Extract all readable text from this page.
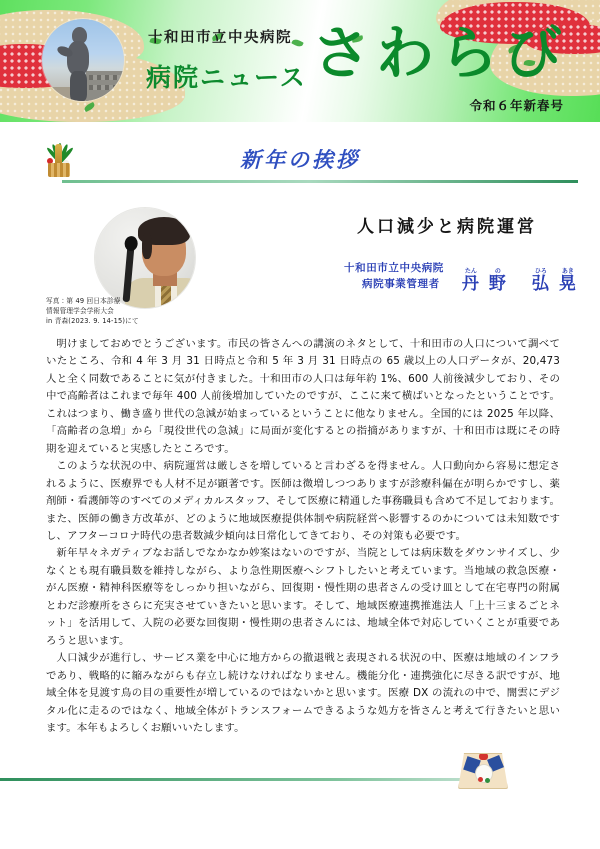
十和田市立中央病院
病院ニュース さわらび
令和６年新春号
新年の挨拶
写真：第 49 回日本診療
情報管理学会学術大会
in 青森(2023. 9. 14-15)にて
人口減少と病院運営
十和田市立中央病院
病院事業管理者
たん
丹
の
野
ひろ
弘
あき
晃

明けましておめでとうございます。市民の皆さんへの講演のネタとして、十和田市の人口について調べていたところ、令和 4 年 3 月 31 日時点と令和 5 年 3 月 31 日時点の 65 歳以上の人口データが、20,473 人と全く同数であることに気が付きました。十和田市の人口は毎年約 1%、600 人前後減少しており、その中で高齢者はこれまで毎年 400 人前後増加していたのですが、ここに来て横ばいとなったということです。これはつまり、働き盛り世代の急減が始まっているということに他なりません。全国的には 2025 年以降、「高齢者の急増」から「現役世代の急減」に局面が変化するとの指摘がありますが、十和田市は既にその時期を迎えていると実感したところです。

このような状況の中、病院運営は厳しさを増していると言わざるを得ません。人口動向から容易に想定されるように、医療界でも人材不足が顕著です。医師は微増しつつありますが診療科偏在が明らかですし、薬剤師・看護師等のすべてのメディカルスタッフ、そして医療に精通した事務職員も含めて不足しております。また、医師の働き方改革が、どのように地域医療提供体制や病院経営へ影響するのかについては未知数ですし、アフターコロナ時代の患者数減少傾向は日常化してきており、その対策も必要です。

新年早々ネガティブなお話しでなかなか妙案はないのですが、当院としては病床数をダウンサイズし、少なくとも現有職員数を維持しながら、より急性期医療へシフトしたいと考えています。当地域の救急医療・がん医療・精神科医療等をしっかり担いながら、回復期・慢性期の患者さんの受け皿として在宅専門の附属とわだ診療所をさらに充実させていきたいと思います。そして、地域医療連携推進法人「上十三まるごとネット」を活用して、入院の必要な回復期・慢性期の患者さんには、地域全体で対応していくことが重要であろうと思います。

人口減少が進行し、サービス業を中心に地方からの撤退戦と表現される状況の中、医療は地域のインフラであり、戦略的に縮みながらも存立し続けなければなりません。機能分化・連携強化に尽きる訳ですが、地域全体を見渡す鳥の目の重要性が増しているのではないかと思います。医療 DX の流れの中で、闇雲にデジタル化に走るのではなく、地域全体がトランスフォームできるような処方を皆さんと考えて行きたいと思います。本年もよろしくお願いいたします。
